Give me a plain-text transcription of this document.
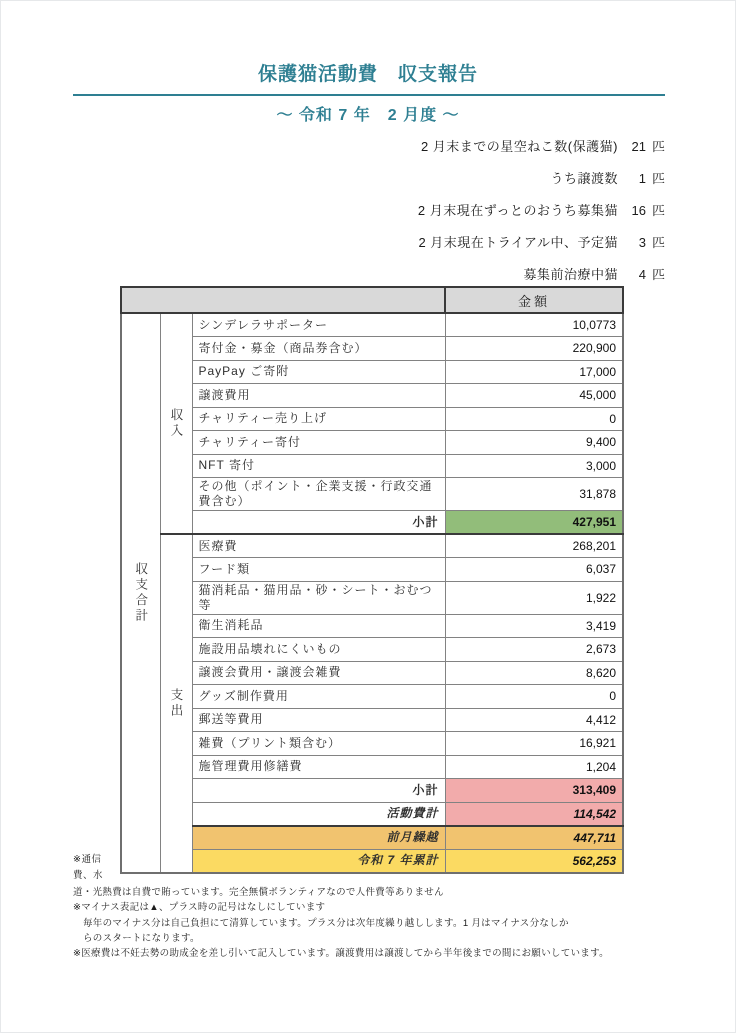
保護猫活動費　収支報告
～ 令和 7 年　2 月度 ～
2 月末までの星空ねこ数(保護猫)	21 匹
うち譲渡数	1 匹
2 月末現在ずっとのおうち募集猫	16 匹
2 月末現在トライアル中、予定猫	3 匹
募集前治療中猫	4 匹
			金額
収支合計	収入	シンデレラサポーター	10,0773
		寄付金・募金（商品券含む）	220,900
		PayPay ご寄附	17,000
		譲渡費用	45,000
		チャリティー売り上げ	0
		チャリティー寄付	9,400
		NFT 寄付	3,000
		その他（ポイント・企業支援・行政交通費含む）	31,878
		小計	427,951
	支出	医療費	268,201
		フード類	6,037
		猫消耗品・猫用品・砂・シート・おむつ等	1,922
		衛生消耗品	3,419
		施設用品壊れにくいもの	2,673
		譲渡会費用・譲渡会雑費	8,620
		グッズ制作費用	0
		郵送等費用	4,412
		雑費（プリント類含む）	16,921
		施管理費用修繕費	1,204
		小計	313,409
		活動費計	114,542
		前月繰越	447,711
		令和 7 年累計	562,253
※通信費、水
道・光熱費は自費で賄っています。完全無償ボランティアなので人件費等ありません
※マイナス表記は▲、プラス時の記号はなしにしています
毎年のマイナス分は自己負担にて清算しています。プラス分は次年度繰り越しします。1 月はマイナス分なしか
らのスタートになります。
※医療費は不妊去勢の助成金を差し引いて記入しています。譲渡費用は譲渡してから半年後までの間にお願いしています。
